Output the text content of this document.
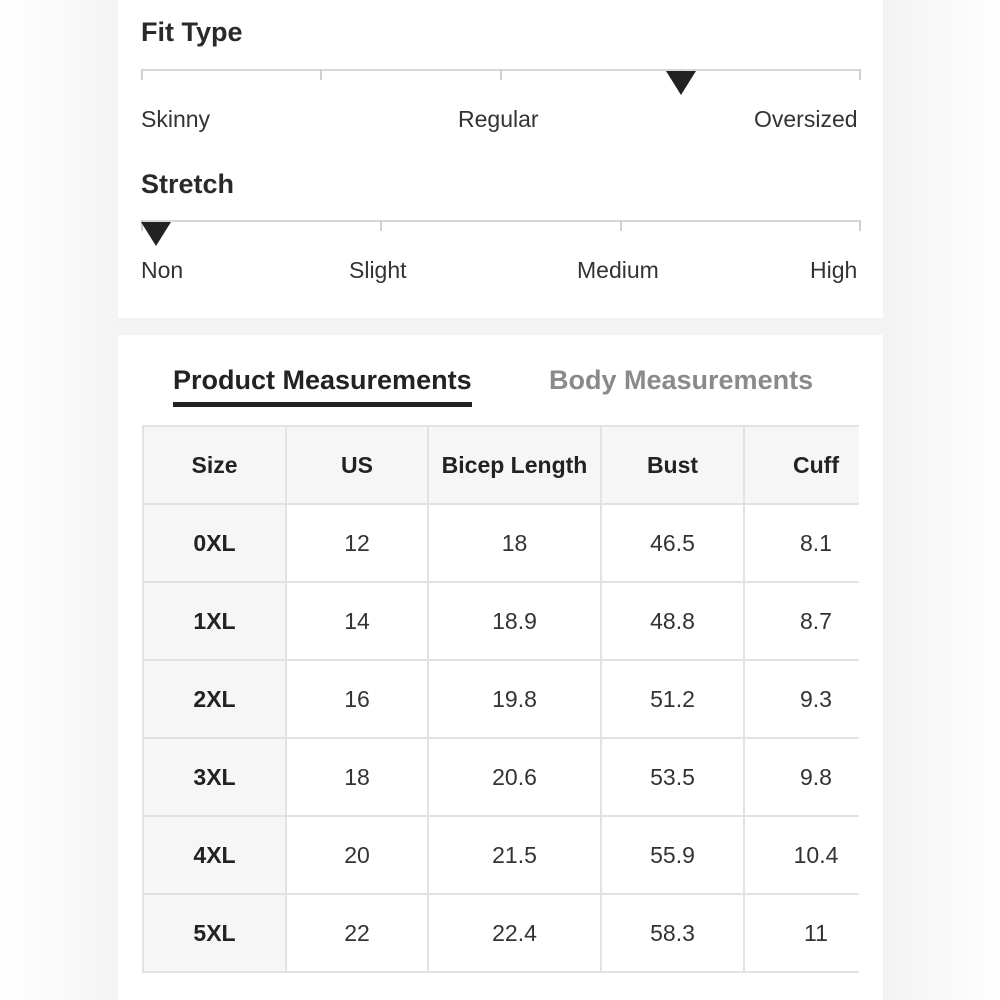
Fit Type
Skinny	Regular	Oversized
Stretch
Non	Slight	Medium	High
Product Measurements	Body Measurements
Size	US	Bicep Length	Bust	Cuff
0XL	12	18	46.5	8.1
1XL	14	18.9	48.8	8.7
2XL	16	19.8	51.2	9.3
3XL	18	20.6	53.5	9.8
4XL	20	21.5	55.9	10.4
5XL	22	22.4	58.3	11
